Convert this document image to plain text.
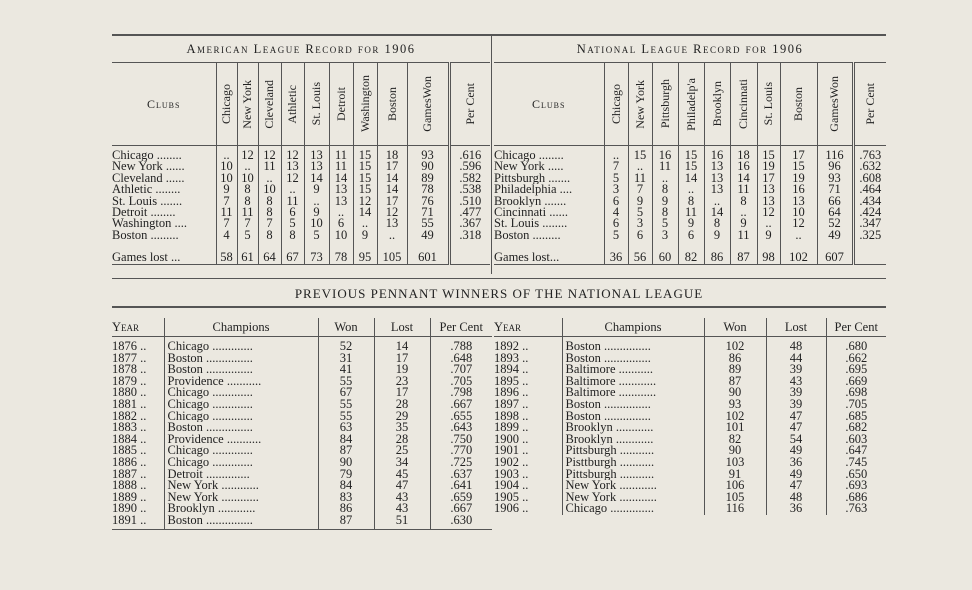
American League Record for 1906										
Clubs	Chicago	New York	Cleveland	Athletic	St. Louis	Detroit	Washington	Boston	GamesWon	Per Cent

Chicago ........	..	12	12	12	13	11	15	18	93	.616
New York ......	10	..	11	13	13	11	15	17	90	.596
Cleveland ......	10	10	..	12	14	14	15	14	89	.582
Athletic ........	9	8	10	..	9	13	15	14	78	.538
St. Louis .......	7	8	8	11	..	13	12	17	76	.510
Detroit ........	11	11	8	6	9	..	14	12	71	.477
Washington ....	7	7	7	5	10	6	..	13	55	.367
Boston .........	4	5	8	8	5	10	9	..	49	.318
Games lost ...	58	61	64	67	73	78	95	105	601	
National League Record for 1906										
Clubs	Chicago	New York	Pittsburgh	Philadelp'a	Brooklyn	Cincinnati	St. Louis	Boston	GamesWon	Per Cent

Chicago ........	..	15	16	15	16	18	15	17	116	.763
New York .....	7	..	11	15	13	16	19	15	96	.632
Pittsburgh .......	5	11	..	14	13	14	17	19	93	.608
Philadelphia ....	3	7	8	..	13	11	13	16	71	.464
Brooklyn .......	6	9	9	8	..	8	13	13	66	.434
Cincinnati ......	4	5	8	11	14	..	12	10	64	.424
St. Louis ........	6	3	5	9	8	9	..	12	52	.347
Boston .........	5	6	3	6	9	11	9	..	49	.325
Games lost...	36	56	60	82	86	87	98	102	607	
PREVIOUS PENNANT WINNERS OF THE NATIONAL LEAGUE
Year	Champions	Won	Lost	Per Cent
1876 ..	Chicago .............	52	14	.788
1877 ..	Boston ...............	31	17	.648
1878 ..	Boston ...............	41	19	.707
1879 ..	Providence ...........	55	23	.705
1880 ..	Chicago .............	67	17	.798
1881 ..	Chicago .............	55	28	.667
1882 ..	Chicago .............	55	29	.655
1883 ..	Boston ...............	63	35	.643
1884 ..	Providence ...........	84	28	.750
1885 ..	Chicago .............	87	25	.770
1886 ..	Chicago .............	90	34	.725
1887 ..	Detroit ..............	79	45	.637
1888 ..	New York ............	84	47	.641
1889 ..	New York ............	83	43	.659
1890 ..	Brooklyn ............	86	43	.667
1891 ..	Boston ...............	87	51	.630
Year	Champions	Won	Lost	Per Cent
1892 ..	Boston ...............	102	48	.680
1893 ..	Boston ...............	86	44	.662
1894 ..	Baltimore ...........	89	39	.695
1895 ..	Baltimore ............	87	43	.669
1896 ..	Baltimore ............	90	39	.698
1897 ..	Boston ...............	93	39	.705
1898 ..	Boston ...............	102	47	.685
1899 ..	Brooklyn ............	101	47	.682
1900 ..	Brooklyn ............	82	54	.603
1901 ..	Pittsburgh ...........	90	49	.647
1902 ..	Pisttburgh ...........	103	36	.745
1903 ..	Pittsburgh ...........	91	49	.650
1904 ..	New York ............	106	47	.693
1905 ..	New York ............	105	48	.686
1906 ..	Chicago ..............	116	36	.763
